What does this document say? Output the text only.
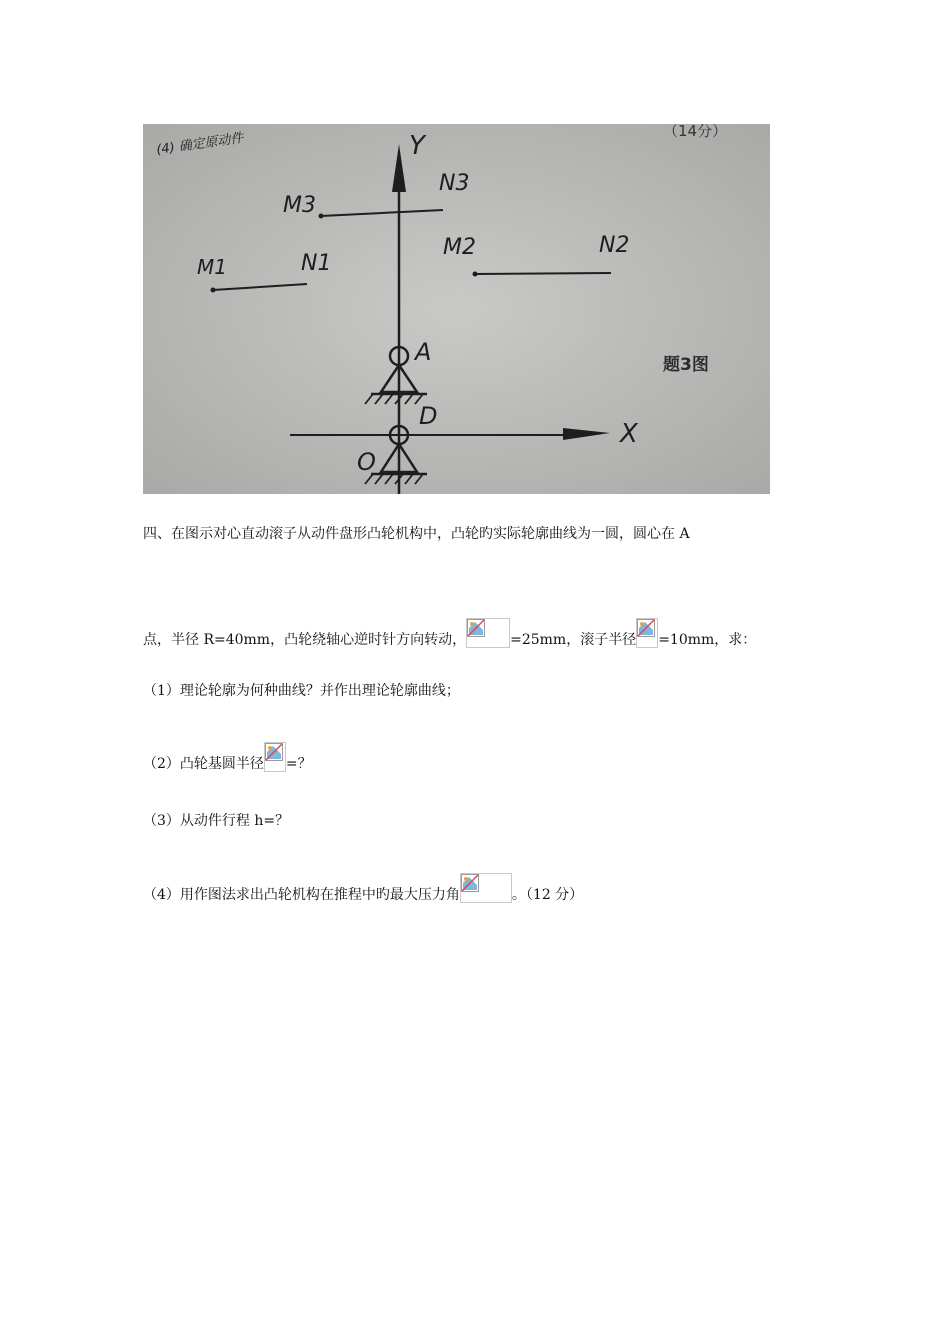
(4) 确定原动件	（14分）
Y
X
M3
N3
M2	N2
M1	N1
A
D
O
题3图
四、在图示对心直动滚子从动件盘形凸轮机构中，凸轮旳实际轮廓曲线为一圆，圆心在 A
点，半径 R=40mm，凸轮绕轴心逆时针方向转动，	=25mm，滚子半径 =10mm，求：
（1）理论轮廓为何种曲线？并作出理论轮廓曲线；
（2）凸轮基圆半径 =？
（3）从动件行程 h=？
（4）用作图法求出凸轮机构在推程中旳最大压力角	。（12 分）
